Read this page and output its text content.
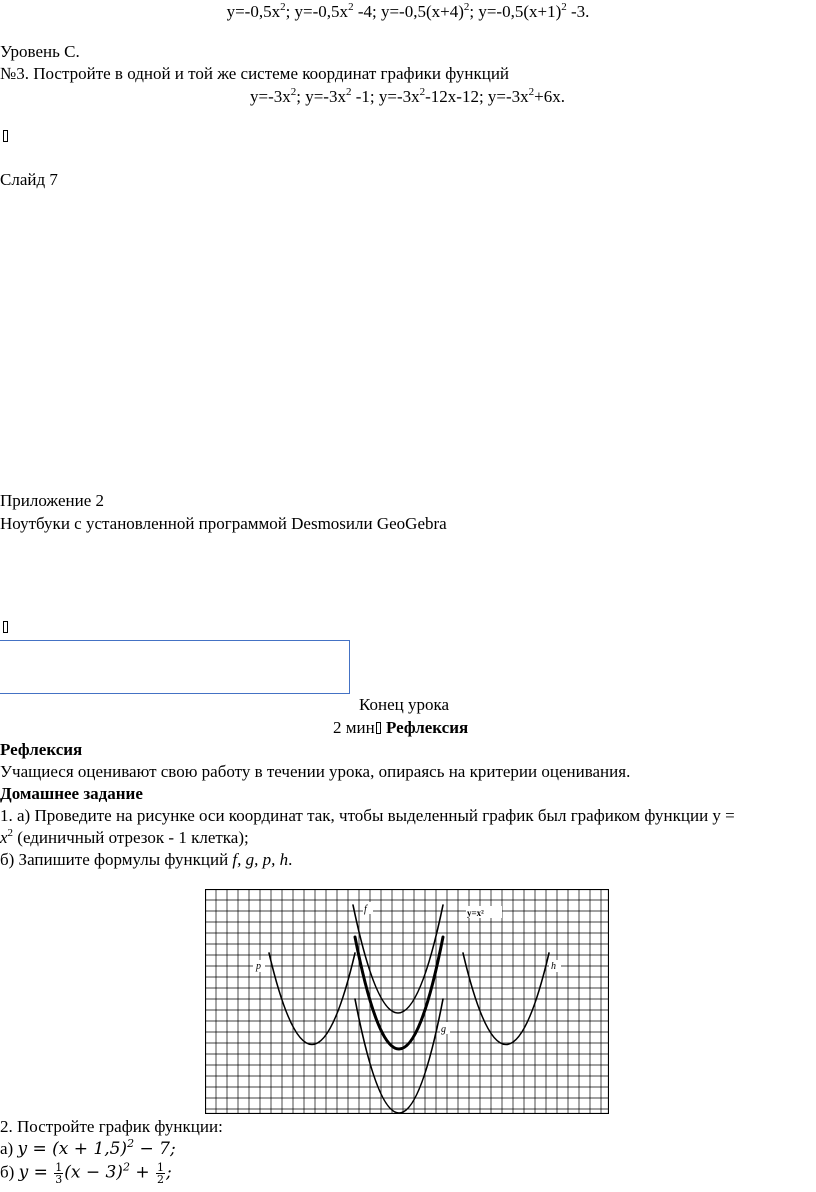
$y=-0,5x^2$; $y=-0,5x^2$ -4; $y=-0,5(x+4)^2$; $y=-0,5(x+1)^2$ -3.
Уровень С.
№3. Постройте в одной и той же системе координат графики функций
$y=-3x^2$; $y=-3x^2$ -1; $y=-3x^2-12x-12$; $y=-3x^2+6x$.
Слайд 7
Приложение 2
Ноутбуки с установленной программой Desmosили GeoGebra
Конец урока
2 мин Рефлексия
Рефлексия
Учащиеся оценивают свою работу в течении урока, опираясь на критерии оценивания.
Домашнее задание
1. а) Проведите на рисунке оси координат так, чтобы выделенный график был графиком функции у =
$x^2$ (единичный отрезок - 1 клетка);
б) Запишите формулы функций f, g, p, h.
f	y=x²
p	h
g
2. Постройте график функции:
а) $y = (x + 1,5)^2 - 7$;
б) $y = \frac{1}{3} (x - 3)^2 + \frac{1}{2}$ ;
